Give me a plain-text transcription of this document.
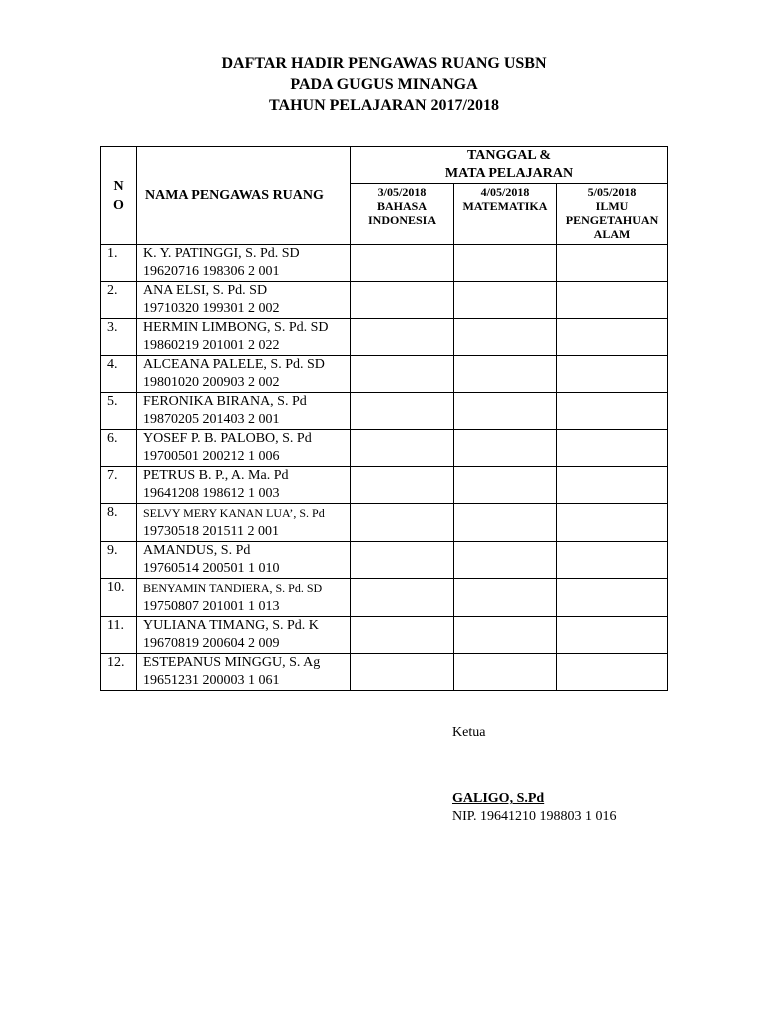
DAFTAR HADIR PENGAWAS RUANG USBN
PADA GUGUS MINANGA
TAHUN PELAJARAN 2017/2018
N
O	NAMA PENGAWAS RUANG	TANGGAL &
MATA PELAJARAN		
		3/05/2018
BAHASA
INDONESIA	4/05/2018
MATEMATIKA	5/05/2018
ILMU
PENGETAHUAN
ALAM
1.	K. Y. PATINGGI, S. Pd. SD
19620716 198306 2 001			
2.	ANA ELSI, S. Pd. SD
19710320 199301 2 002			
3.	HERMIN LIMBONG, S. Pd. SD
19860219 201001 2 022			
4.	ALCEANA PALELE, S. Pd. SD
19801020 200903 2 002			
5.	FERONIKA BIRANA, S. Pd
19870205 201403 2 001			
6.	YOSEF P. B. PALOBO, S. Pd
19700501 200212 1 006			
7.	PETRUS B. P., A. Ma. Pd
19641208 198612 1 003			
8.	SELVY MERY KANAN LUA’, S. Pd
19730518 201511 2 001			
9.	AMANDUS, S. Pd
19760514 200501 1 010			
10.	BENYAMIN TANDIERA, S. Pd. SD
19750807 201001 1 013			
11.	YULIANA TIMANG, S. Pd. K
19670819 200604 2 009			
12.	ESTEPANUS MINGGU, S. Ag
19651231 200003 1 061			
Ketua
GALIGO, S.Pd
NIP. 19641210 198803 1 016
